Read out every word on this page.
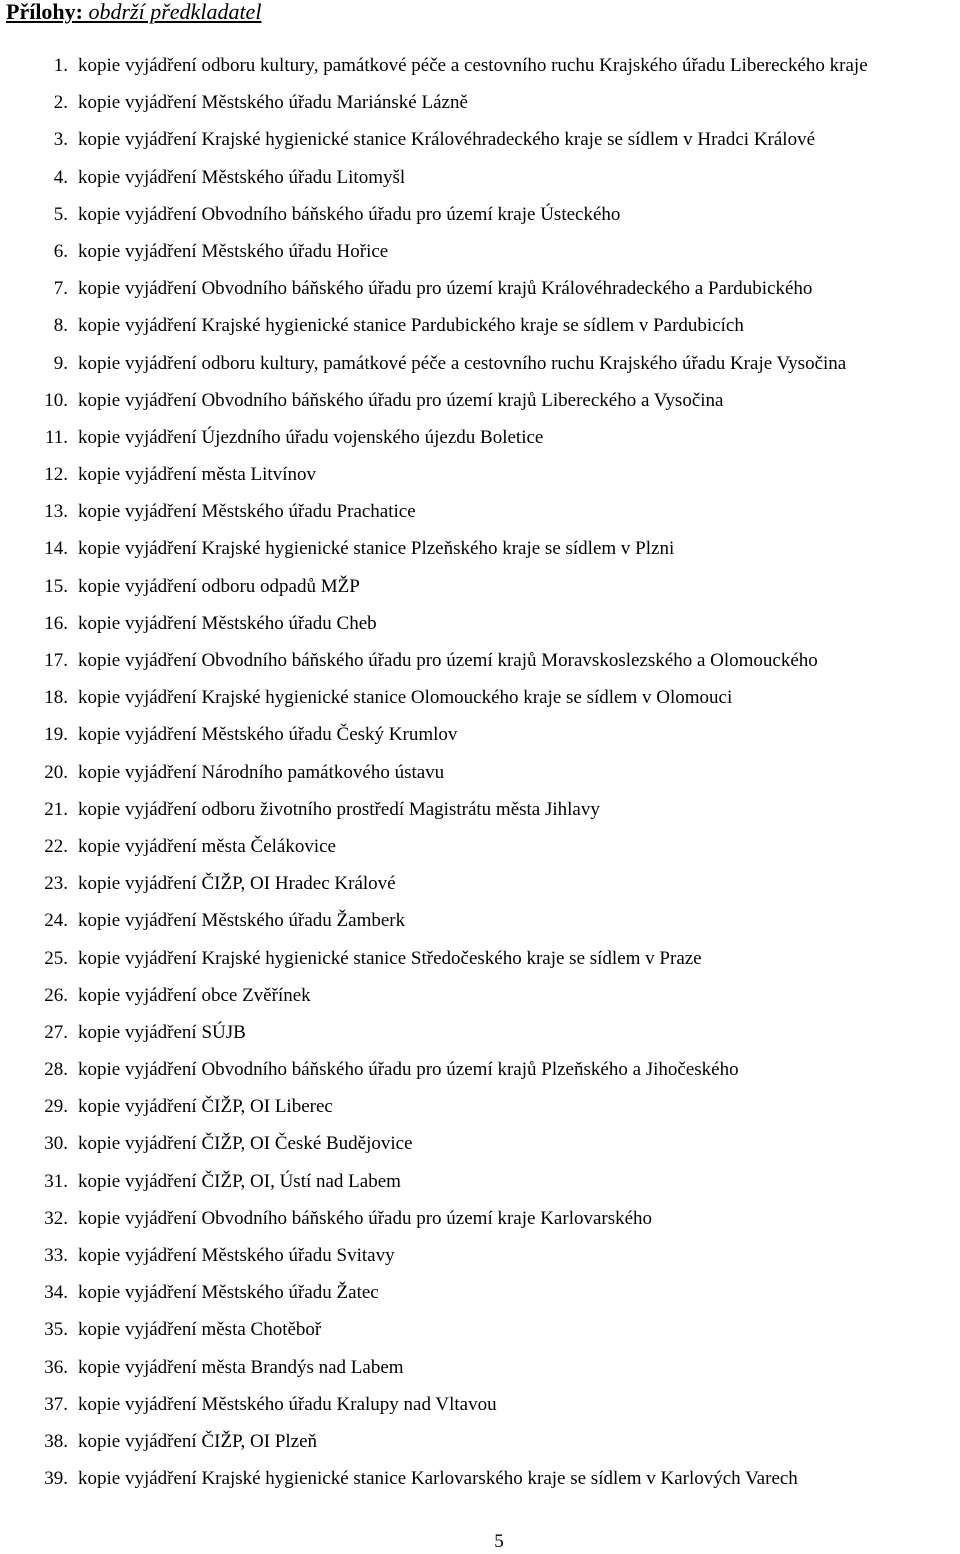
Přílohy: obdrží předkladatel
1. kopie vyjádření odboru kultury, památkové péče a cestovního ruchu Krajského úřadu Libereckého kraje
2. kopie vyjádření Městského úřadu Mariánské Lázně
3. kopie vyjádření Krajské hygienické stanice Královéhradeckého kraje se sídlem v Hradci Králové
4. kopie vyjádření Městského úřadu Litomyšl
5. kopie vyjádření Obvodního báňského úřadu pro území kraje Ústeckého
6. kopie vyjádření Městského úřadu Hořice
7. kopie vyjádření Obvodního báňského úřadu pro území krajů Královéhradeckého a Pardubického
8. kopie vyjádření Krajské hygienické stanice Pardubického kraje se sídlem v Pardubicích
9. kopie vyjádření odboru kultury, památkové péče a cestovního ruchu Krajského úřadu Kraje Vysočina
10. kopie vyjádření Obvodního báňského úřadu pro území krajů Libereckého a Vysočina
11. kopie vyjádření Újezdního úřadu vojenského újezdu Boletice
12. kopie vyjádření města Litvínov
13. kopie vyjádření Městského úřadu Prachatice
14. kopie vyjádření Krajské hygienické stanice Plzeňského kraje se sídlem v Plzni
15. kopie vyjádření odboru odpadů MŽP
16. kopie vyjádření Městského úřadu Cheb
17. kopie vyjádření Obvodního báňského úřadu pro území krajů Moravskoslezského a Olomouckého
18. kopie vyjádření Krajské hygienické stanice Olomouckého kraje se sídlem v Olomouci
19. kopie vyjádření Městského úřadu Český Krumlov
20. kopie vyjádření Národního památkového ústavu
21. kopie vyjádření odboru životního prostředí Magistrátu města Jihlavy
22. kopie vyjádření města Čelákovice
23. kopie vyjádření ČIŽP, OI Hradec Králové
24. kopie vyjádření Městského úřadu Žamberk
25. kopie vyjádření Krajské hygienické stanice Středočeského kraje se sídlem v Praze
26. kopie vyjádření obce Zvěřínek
27. kopie vyjádření SÚJB
28. kopie vyjádření Obvodního báňského úřadu pro území krajů Plzeňského a Jihočeského
29. kopie vyjádření ČIŽP, OI Liberec
30. kopie vyjádření ČIŽP, OI České Budějovice
31. kopie vyjádření ČIŽP, OI, Ústí nad Labem
32. kopie vyjádření Obvodního báňského úřadu pro území kraje Karlovarského
33. kopie vyjádření Městského úřadu Svitavy
34. kopie vyjádření Městského úřadu Žatec
35. kopie vyjádření města Chotěboř
36. kopie vyjádření města Brandýs nad Labem
37. kopie vyjádření Městského úřadu Kralupy nad Vltavou
38. kopie vyjádření ČIŽP, OI Plzeň
39. kopie vyjádření Krajské hygienické stanice Karlovarského kraje se sídlem v Karlových Varech
5
